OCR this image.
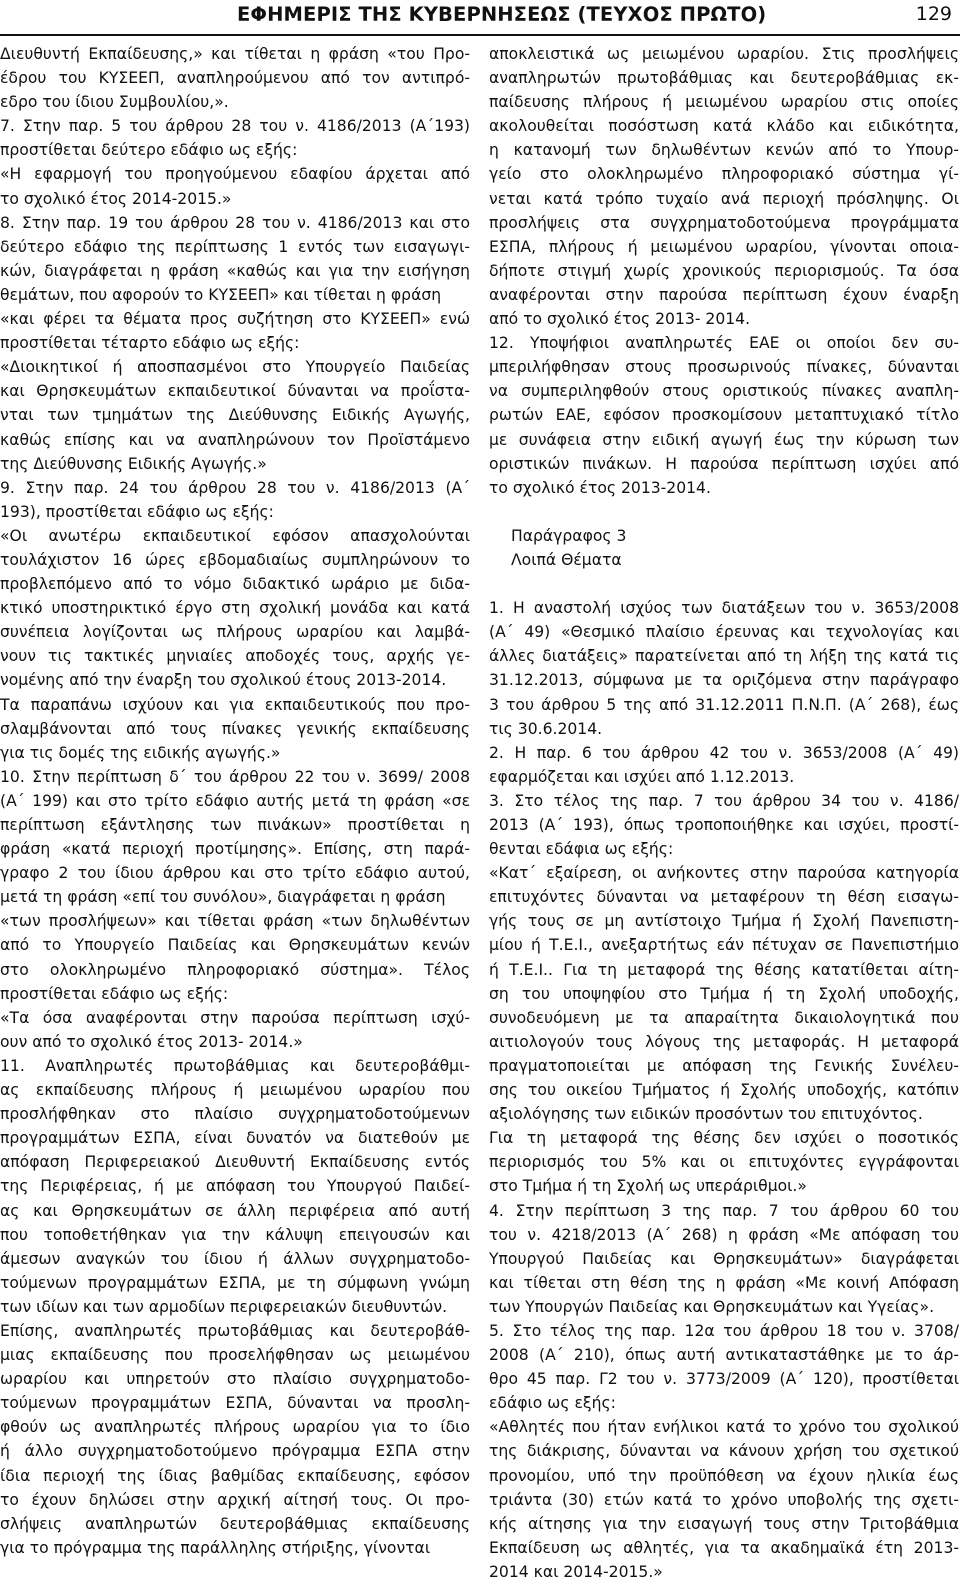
ΕΦΗΜΕΡΙΣ ΤΗΣ ΚΥΒΕΡΝΗΣΕΩΣ (ΤΕΥΧΟΣ ΠΡΩΤΟ)	129
Διευθυντή Εκπαίδευσης,» και τίθεται η φράση «του Προ-
έδρου του ΚΥΣΕΕΠ, αναπληρούμενου από τον αντιπρό-
εδρο του ίδιου Συμβουλίου,».
7. Στην παρ. 5 του άρθρου 28 του ν. 4186/2013 (Α΄193)
προστίθεται δεύτερο εδάφιο ως εξής:
«Η εφαρμογή του προηγούμενου εδαφίου άρχεται από
το σχολικό έτος 2014-2015.»
8. Στην παρ. 19 του άρθρου 28 του ν. 4186/2013 και στο
δεύτερο εδάφιο της περίπτωσης 1 εντός των εισαγωγι-
κών, διαγράφεται η φράση «καθώς και για την εισήγηση
θεμάτων, που αφορούν το ΚΥΣΕΕΠ» και τίθεται η φράση
«και φέρει τα θέματα προς συζήτηση στο ΚΥΣΕΕΠ» ενώ
προστίθεται τέταρτο εδάφιο ως εξής:
«Διοικητικοί ή αποσπασμένοι στο Υπουργείο Παιδείας
και Θρησκευμάτων εκπαιδευτικοί δύνανται να προΐστα-
νται των τμημάτων της Διεύθυνσης Ειδικής Αγωγής,
καθώς επίσης και να αναπληρώνουν τον Προϊστάμενο
της Διεύθυνσης Ειδικής Αγωγής.»
9. Στην παρ. 24 του άρθρου 28 του ν. 4186/2013 (Α΄
193), προστίθεται εδάφιο ως εξής:
«Οι ανωτέρω εκπαιδευτικοί εφόσον απασχολούνται
τουλάχιστον 16 ώρες εβδομαδιαίως συμπληρώνουν το
προβλεπόμενο από το νόμο διδακτικό ωράριο με διδα-
κτικό υποστηρικτικό έργο στη σχολική μονάδα και κατά
συνέπεια λογίζονται ως πλήρους ωραρίου και λαμβά-
νουν τις τακτικές μηνιαίες αποδοχές τους, αρχής γε-
νομένης από την έναρξη του σχολικού έτους 2013-2014.
Τα παραπάνω ισχύουν και για εκπαιδευτικούς που προ-
σλαμβάνονται από τους πίνακες γενικής εκπαίδευσης
για τις δομές της ειδικής αγωγής.»
10. Στην περίπτωση δ΄ του άρθρου 22 του ν. 3699/ 2008
(Α΄ 199) και στο τρίτο εδάφιο αυτής μετά τη φράση «σε
περίπτωση εξάντλησης των πινάκων» προστίθεται η
φράση «κατά περιοχή προτίμησης». Επίσης, στη παρά-
γραφο 2 του ίδιου άρθρου και στο τρίτο εδάφιο αυτού,
μετά τη φράση «επί του συνόλου», διαγράφεται η φράση
«των προσλήψεων» και τίθεται φράση «των δηλωθέντων
από το Υπουργείο Παιδείας και Θρησκευμάτων κενών
στο ολοκληρωμένο πληροφοριακό σύστημα». Τέλος
προστίθεται εδάφιο ως εξής:
«Τα όσα αναφέρονται στην παρούσα περίπτωση ισχύ-
ουν από το σχολικό έτος 2013- 2014.»
11. Αναπληρωτές πρωτοβάθμιας και δευτεροβάθμι-
ας εκπαίδευσης πλήρους ή μειωμένου ωραρίου που
προσλήφθηκαν στο πλαίσιο συγχρηματοδοτούμενων
προγραμμάτων ΕΣΠΑ, είναι δυνατόν να διατεθούν με
απόφαση Περιφερειακού Διευθυντή Εκπαίδευσης εντός
της Περιφέρειας, ή με απόφαση του Υπουργού Παιδεί-
ας και Θρησκευμάτων σε άλλη περιφέρεια από αυτή
που τοποθετήθηκαν για την κάλυψη επειγουσών και
άμεσων αναγκών του ίδιου ή άλλων συγχρηματοδο-
τούμενων προγραμμάτων ΕΣΠΑ, με τη σύμφωνη γνώμη
των ιδίων και των αρμοδίων περιφερειακών διευθυντών.
Επίσης, αναπληρωτές πρωτοβάθμιας και δευτεροβάθ-
μιας εκπαίδευσης που προσελήφθησαν ως μειωμένου
ωραρίου και υπηρετούν στο πλαίσιο συγχρηματοδο-
τούμενων προγραμμάτων ΕΣΠΑ, δύνανται να προσλη-
φθούν ως αναπληρωτές πλήρους ωραρίου για το ίδιο
ή άλλο συγχρηματοδοτούμενο πρόγραμμα ΕΣΠΑ στην
ίδια περιοχή της ίδιας βαθμίδας εκπαίδευσης, εφόσον
το έχουν δηλώσει στην αρχική αίτησή τους. Οι προ-
σλήψεις αναπληρωτών δευτεροβάθμιας εκπαίδευσης
για το πρόγραμμα της παράλληλης στήριξης, γίνονται
αποκλειστικά ως μειωμένου ωραρίου. Στις προσλήψεις
αναπληρωτών πρωτοβάθμιας και δευτεροβάθμιας εκ-
παίδευσης πλήρους ή μειωμένου ωραρίου στις οποίες
ακολουθείται ποσόστωση κατά κλάδο και ειδικότητα,
η κατανομή των δηλωθέντων κενών από το Υπουρ-
γείο στο ολοκληρωμένο πληροφοριακό σύστημα γί-
νεται κατά τρόπο τυχαίο ανά περιοχή πρόσληψης. Οι
προσλήψεις στα συγχρηματοδοτούμενα προγράμματα
ΕΣΠΑ, πλήρους ή μειωμένου ωραρίου, γίνονται οποια-
δήποτε στιγμή χωρίς χρονικούς περιορισμούς. Τα όσα
αναφέρονται στην παρούσα περίπτωση έχουν έναρξη
από το σχολικό έτος 2013- 2014.
12. Υποψήφιοι αναπληρωτές ΕΑΕ οι οποίοι δεν συ-
μπεριλήφθησαν στους προσωρινούς πίνακες, δύνανται
να συμπεριληφθούν στους οριστικούς πίνακες αναπλη-
ρωτών ΕΑΕ, εφόσον προσκομίσουν μεταπτυχιακό τίτλο
με συνάφεια στην ειδική αγωγή έως την κύρωση των
οριστικών πινάκων. Η παρούσα περίπτωση ισχύει από
το σχολικό έτος 2013-2014.
Παράγραφος 3
Λοιπά Θέματα
1. Η αναστολή ισχύος των διατάξεων του ν. 3653/2008
(Α΄ 49) «Θεσμικό πλαίσιο έρευνας και τεχνολογίας και
άλλες διατάξεις» παρατείνεται από τη λήξη της κατά τις
31.12.2013, σύμφωνα με τα οριζόμενα στην παράγραφο
3 του άρθρου 5 της από 31.12.2011 Π.Ν.Π. (Α΄ 268), έως
τις 30.6.2014.
2. Η παρ. 6 του άρθρου 42 του ν. 3653/2008 (Α΄ 49)
εφαρμόζεται και ισχύει από 1.12.2013.
3. Στο τέλος της παρ. 7 του άρθρου 34 του ν. 4186/
2013 (Α΄ 193), όπως τροποποιήθηκε και ισχύει, προστί-
θενται εδάφια ως εξής:
«Κατ΄ εξαίρεση, οι ανήκοντες στην παρούσα κατηγορία
επιτυχόντες δύνανται να μεταφέρουν τη θέση εισαγω-
γής τους σε μη αντίστοιχο Τμήμα ή Σχολή Πανεπιστη-
μίου ή Τ.Ε.Ι., ανεξαρτήτως εάν πέτυχαν σε Πανεπιστήμιο
ή Τ.Ε.Ι.. Για τη μεταφορά της θέσης κατατίθεται αίτη-
ση του υποψηφίου στο Τμήμα ή τη Σχολή υποδοχής,
συνοδευόμενη με τα απαραίτητα δικαιολογητικά που
αιτιολογούν τους λόγους της μεταφοράς. Η μεταφορά
πραγματοποιείται με απόφαση της Γενικής Συνέλευ-
σης του οικείου Τμήματος ή Σχολής υποδοχής, κατόπιν
αξιολόγησης των ειδικών προσόντων του επιτυχόντος.
Για τη μεταφορά της θέσης δεν ισχύει ο ποσοτικός
περιορισμός του 5% και οι επιτυχόντες εγγράφονται
στο Τμήμα ή τη Σχολή ως υπεράριθμοι.»
4. Στην περίπτωση 3 της παρ. 7 του άρθρου 60 του
του ν. 4218/2013 (Α΄ 268) η φράση «Με απόφαση του
Υπουργού Παιδείας και Θρησκευμάτων» διαγράφεται
και τίθεται στη θέση της η φράση «Με κοινή Απόφαση
των Υπουργών Παιδείας και Θρησκευμάτων και Υγείας».
5. Στο τέλος της παρ. 12α του άρθρου 18 του ν. 3708/
2008 (Α΄ 210), όπως αυτή αντικαταστάθηκε με το άρ-
θρο 45 παρ. Γ2 του ν. 3773/2009 (Α΄ 120), προστίθεται
εδάφιο ως εξής:
«Αθλητές που ήταν ενήλικοι κατά το χρόνο του σχολικού
της διάκρισης, δύνανται να κάνουν χρήση του σχετικού
προνομίου, υπό την προϋπόθεση να έχουν ηλικία έως
τριάντα (30) ετών κατά το χρόνο υποβολής της σχετι-
κής αίτησης για την εισαγωγή τους στην Τριτοβάθμια
Εκπαίδευση ως αθλητές, για τα ακαδημαϊκά έτη 2013-
2014 και 2014-2015.»
